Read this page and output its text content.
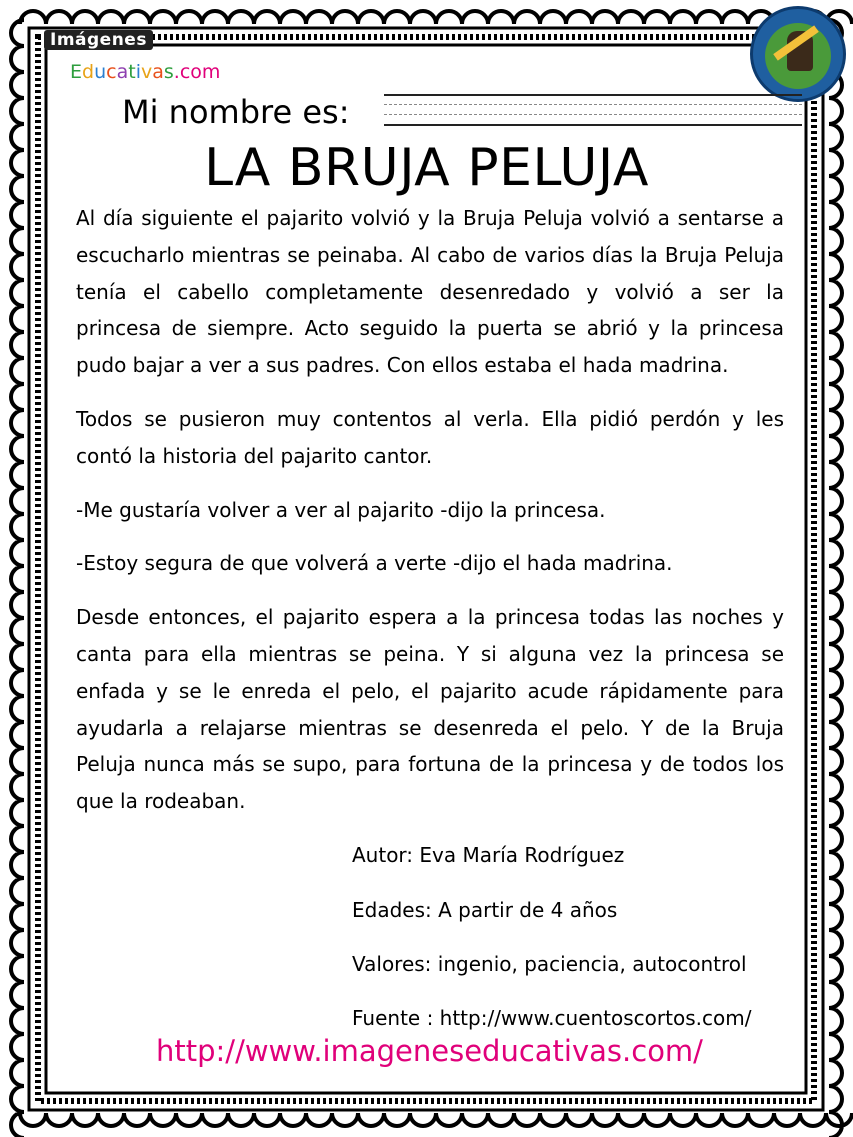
Imágenes
Educativas.com
Mi nombre es:
LA BRUJA PELUJA

Al día siguiente el pajarito volvió y la Bruja Peluja volvió a sentarse a escucharlo mientras se peinaba. Al cabo de varios días la Bruja Peluja tenía el cabello completamente desenredado y volvió a ser la princesa de siempre. Acto seguido la puerta se abrió y la princesa pudo bajar a ver a sus padres. Con ellos estaba el hada madrina.

Todos se pusieron muy contentos al verla. Ella pidió perdón y les contó la historia del pajarito cantor.

-Me gustaría volver a ver al pajarito -dijo la princesa.

-Estoy segura de que volverá a verte -dijo el hada madrina.

Desde entonces, el pajarito espera a la princesa todas las noches y canta para ella mientras se peina. Y si alguna vez la princesa se enfada y se le enreda el pelo, el pajarito acude rápidamente para ayudarla a relajarse mientras se desenreda el pelo. Y de la Bruja Peluja nunca más se supo, para fortuna de la princesa y de todos los que la rodeaban.

Autor: Eva María Rodríguez
Edades: A partir de 4 años
Valores: ingenio, paciencia, autocontrol
Fuente : http://www.cuentoscortos.com/
http://www.imageneseducativas.com/
